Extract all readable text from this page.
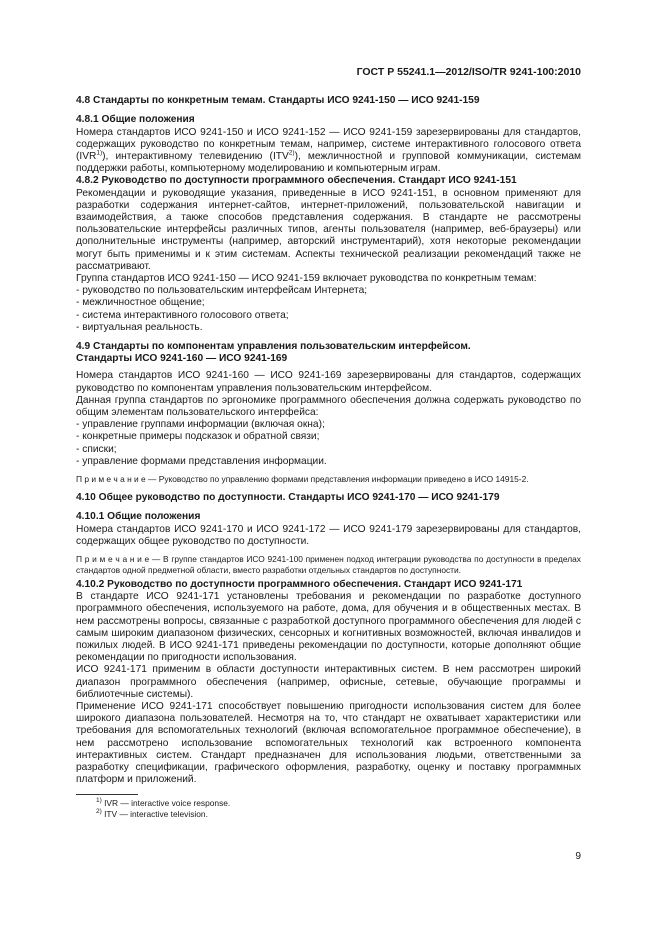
ГОСТ Р 55241.1—2012/ISO/TR 9241-100:2010

4.8 Стандарты по конкретным темам. Стандарты ИСО 9241-150 — ИСО 9241-159

4.8.1 Общие положения

Номера стандартов ИСО 9241-150 и ИСО 9241-152 — ИСО 9241-159 зарезервированы для стандартов, содержащих руководство по конкретным темам, например, системе интерактивного голосового ответа (IVR$^{1)}$), интерактивному телевидению (ITV$^{2)}$), межличностной и групповой коммуникации, системам поддержки работы, компьютерному моделированию и компьютерным играм.

4.8.2 Руководство по доступности программного обеспечения. Стандарт ИСО 9241-151

Рекомендации и руководящие указания, приведенные в ИСО 9241-151, в основном применяют для разработки содержания интернет-сайтов, интернет-приложений, пользовательской навигации и взаимодействия, а также способов представления содержания. В стандарте не рассмотрены пользовательские интерфейсы различных типов, агенты пользователя (например, веб-браузеры) или дополнительные инструменты (например, авторский инструментарий), хотя некоторые рекомендации могут быть применимы и к этим системам. Аспекты технической реализации рекомендаций также не рассматривают.

Группа стандартов ИСО 9241-150 — ИСО 9241-159 включает руководства по конкретным темам:

- руководство по пользовательским интерфейсам Интернета;

- межличностное общение;

- система интерактивного голосового ответа;

- виртуальная реальность.

4.9 Стандарты по компонентам управления пользовательским интерфейсом.

Стандарты ИСО 9241-160 — ИСО 9241-169

Номера стандартов ИСО 9241-160 — ИСО 9241-169 зарезервированы для стандартов, содержащих руководство по компонентам управления пользовательским интерфейсом.

Данная группа стандартов по эргономике программного обеспечения должна содержать руководство по общим элементам пользовательского интерфейса:

- управление группами информации (включая окна);

- конкретные примеры подсказок и обратной связи;

- списки;

- управление формами представления информации.

П р и м е ч а н и е — Руководство по управлению формами представления информации приведено в ИСО 14915-2.

4.10 Общее руководство по доступности. Стандарты ИСО 9241-170 — ИСО 9241-179

4.10.1 Общие положения

Номера стандартов ИСО 9241-170 и ИСО 9241-172 — ИСО 9241-179 зарезервированы для стандартов, содержащих общее руководство по доступности.

П р и м е ч а н и е — В группе стандартов ИСО 9241-100 применен подход интеграции руководства по доступности в пределах стандартов одной предметной области, вместо разработки отдельных стандартов по доступности.

4.10.2 Руководство по доступности программного обеспечения. Стандарт ИСО 9241-171

В стандарте ИСО 9241-171 установлены требования и рекомендации по разработке доступного программного обеспечения, используемого на работе, дома, для обучения и в общественных местах. В нем рассмотрены вопросы, связанные с разработкой доступного программного обеспечения для людей с самым широким диапазоном физических, сенсорных и когнитивных возможностей, включая инвалидов и пожилых людей. В ИСО 9241-171 приведены рекомендации по доступности, которые дополняют общие рекомендации по пригодности использования.

ИСО 9241-171 применим в области доступности интерактивных систем. В нем рассмотрен широкий диапазон программного обеспечения (например, офисные, сетевые, обучающие программы и библиотечные системы).

Применение ИСО 9241-171 способствует повышению пригодности использования систем для более широкого диапазона пользователей. Несмотря на то, что стандарт не охватывает характеристики или требования для вспомогательных технологий (включая вспомогательное программное обеспечение), в нем рассмотрено использование вспомогательных технологий как встроенного компонента интерактивных систем. Стандарт предназначен для использования людьми, ответственными за разработку спецификации, графического оформления, разработку, оценку и поставку программных платформ и приложений.

$^{1)}$ IVR — interactive voice response.

$^{2)}$ ITV — interactive television.

9
